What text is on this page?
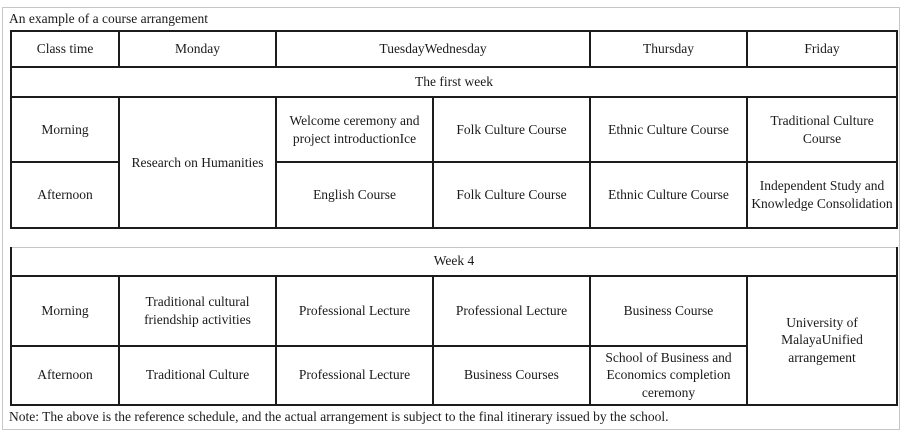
An example of a course arrangement
Class time	Monday	TuesdayWednesday		Thursday	Friday
The first week					
Morning	Research on Humanities	Welcome ceremony and project introductionIce	Folk Culture Course	Ethnic Culture Course	Traditional Culture Course
Afternoon		English Course	Folk Culture Course	Ethnic Culture Course	Independent Study and Knowledge Consolidation
Week 4					
Morning	Traditional cultural friendship activities	Professional Lecture	Professional Lecture	Business Course	University of MalayaUnified arrangement
Afternoon	Traditional Culture	Professional Lecture	Business Courses	School of Business and Economics completion ceremony	
Note: The above is the reference schedule, and the actual arrangement is subject to the final itinerary issued by the school.
